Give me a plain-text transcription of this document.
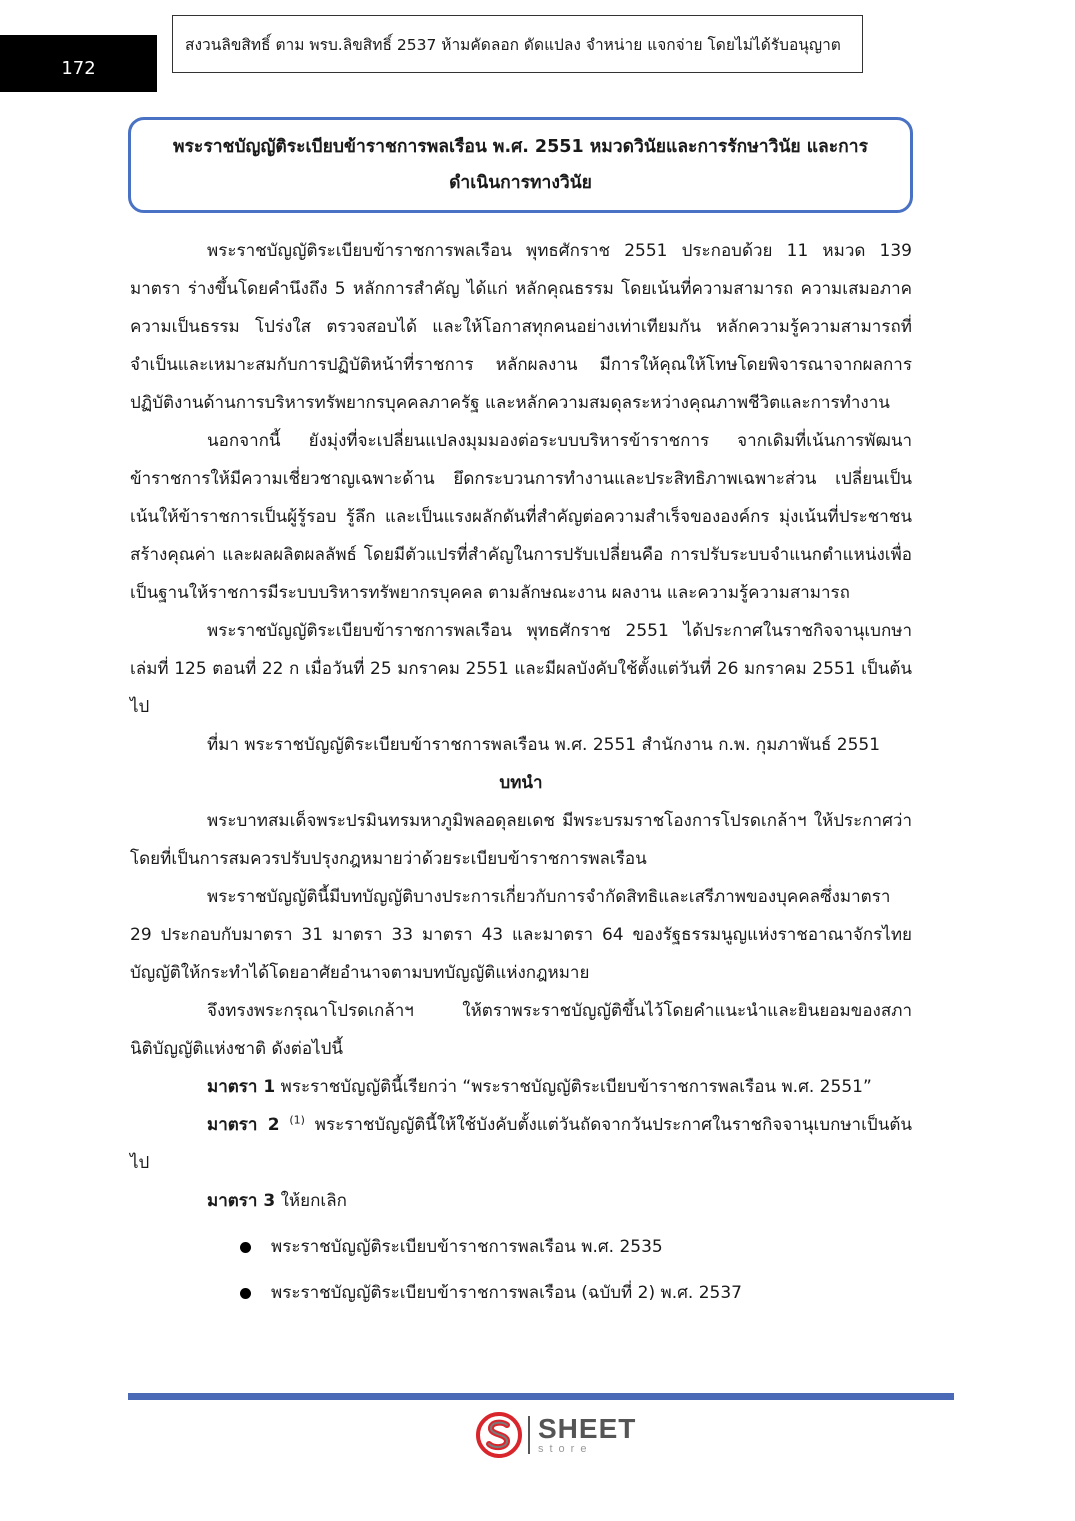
172
สงวนลิขสิทธิ์ ตาม พรบ.ลิขสิทธิ์ 2537 ห้ามคัดลอก ดัดแปลง จำหน่าย แจกจ่าย โดยไม่ได้รับอนุญาต
พระราชบัญญัติระเบียบข้าราชการพลเรือน พ.ศ. 2551 หมวดวินัยและการรักษาวินัย และการ
ดำเนินการทางวินัย

พระราชบัญญัติระเบียบข้าราชการพลเรือน พุทธศักราช 2551 ประกอบด้วย 11 หมวด 139 มาตรา ร่างขึ้นโดยคำนึงถึง 5 หลักการสำคัญ ได้แก่ หลักคุณธรรม โดยเน้นที่ความสามารถ ความเสมอภาค ความเป็นธรรม โปร่งใส ตรวจสอบได้ และให้โอกาสทุกคนอย่างเท่าเทียมกัน หลักความรู้ความสามารถที่จำเป็นและเหมาะสมกับการปฏิบัติหน้าที่ราชการ หลักผลงาน มีการให้คุณให้โทษโดยพิจารณาจากผลการปฏิบัติงานด้านการบริหารทรัพยากรบุคคลภาครัฐ และหลักความสมดุลระหว่างคุณภาพชีวิตและการทำงาน

นอกจากนี้ ยังมุ่งที่จะเปลี่ยนแปลงมุมมองต่อระบบบริหารข้าราชการ จากเดิมที่เน้นการพัฒนาข้าราชการให้มีความเชี่ยวชาญเฉพาะด้าน ยึดกระบวนการทำงานและประสิทธิภาพเฉพาะส่วน เปลี่ยนเป็นเน้นให้ข้าราชการเป็นผู้รู้รอบ รู้ลึก และเป็นแรงผลักดันที่สำคัญต่อความสำเร็จขององค์กร มุ่งเน้นที่ประชาชน สร้างคุณค่า และผลผลิตผลลัพธ์ โดยมีตัวแปรที่สำคัญในการปรับเปลี่ยนคือ การปรับระบบจำแนกตำแหน่งเพื่อเป็นฐานให้ราชการมีระบบบริหารทรัพยากรบุคคล ตามลักษณะงาน ผลงาน และความรู้ความสามารถ

พระราชบัญญัติระเบียบข้าราชการพลเรือน พุทธศักราช 2551 ได้ประกาศในราชกิจจานุเบกษา เล่มที่ 125 ตอนที่ 22 ก เมื่อวันที่ 25 มกราคม 2551 และมีผลบังคับใช้ตั้งแต่วันที่ 26 มกราคม 2551 เป็นต้นไป

ที่มา พระราชบัญญัติระเบียบข้าราชการพลเรือน พ.ศ. 2551 สำนักงาน ก.พ. กุมภาพันธ์ 2551

บทนำ

พระบาทสมเด็จพระปรมินทรมหาภูมิพลอดุลยเดช มีพระบรมราชโองการโปรดเกล้าฯ ให้ประกาศว่า โดยที่เป็นการสมควรปรับปรุงกฎหมายว่าด้วยระเบียบข้าราชการพลเรือน

พระราชบัญญัตินี้มีบทบัญญัติบางประการเกี่ยวกับการจำกัดสิทธิและเสรีภาพของบุคคลซึ่งมาตรา 29 ประกอบกับมาตรา 31 มาตรา 33 มาตรา 43 และมาตรา 64 ของรัฐธรรมนูญแห่งราชอาณาจักรไทย บัญญัติให้กระทำได้โดยอาศัยอำนาจตามบทบัญญัติแห่งกฎหมาย

จึงทรงพระกรุณาโปรดเกล้าฯ ให้ตราพระราชบัญญัติขึ้นไว้โดยคำแนะนำและยินยอมของสภานิติบัญญัติแห่งชาติ ดังต่อไปนี้

มาตรา 1 พระราชบัญญัตินี้เรียกว่า “พระราชบัญญัติระเบียบข้าราชการพลเรือน พ.ศ. 2551”

มาตรา 2 $^{(1)}$ พระราชบัญญัตินี้ให้ใช้บังคับตั้งแต่วันถัดจากวันประกาศในราชกิจจานุเบกษาเป็นต้นไป

มาตรา 3 ให้ยกเลิก

พระราชบัญญัติระเบียบข้าราชการพลเรือน พ.ศ. 2535
พระราชบัญญัติระเบียบข้าราชการพลเรือน (ฉบับที่ 2) พ.ศ. 2537
SHEET
store
